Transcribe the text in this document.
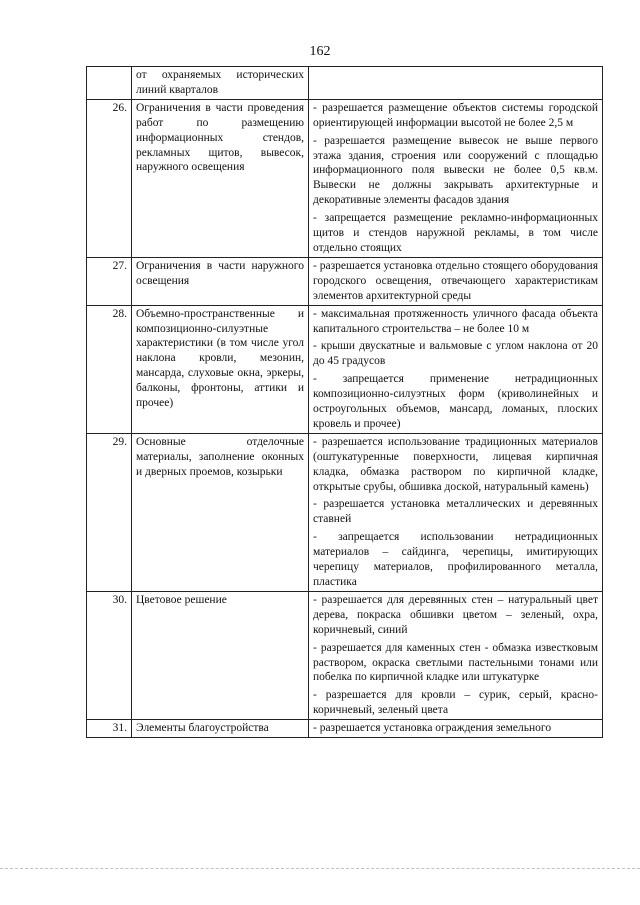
162

	от охраняемых исторических линий кварталов	

26.	Ограничения в части проведения работ по размещению информационных стендов, рекламных щитов, вывесок, наружного освещения	- разрешается размещение объектов системы городской ориентирующей информации высотой не более 2,5 м

- разрешается размещение вывесок не выше первого этажа здания, строения или сооружений с площадью информационного поля вывески не более 0,5 кв.м. Вывески не должны закрывать архитектурные и декоративные элементы фасадов здания

- запрещается размещение рекламно-информационных щитов и стендов наружной рекламы, в том числе отдельно стоящих

27.	Ограничения в части наружного освещения	- разрешается установка отдельно стоящего оборудования городского освещения, отвечающего характеристикам элементов архитектурной среды

28.	Объемно-пространственные и композиционно-силуэтные характеристики (в том числе угол наклона кровли, мезонин, мансарда, слуховые окна, эркеры, балконы, фронтоны, аттики и прочее)	- максимальная протяженность уличного фасада объекта капитального строительства – не более 10 м

- крыши двускатные и вальмовые с углом наклона от 20 до 45 градусов

- запрещается применение нетрадиционных композиционно-силуэтных форм (криволинейных и остроугольных объемов, мансард, ломаных, плоских кровель и прочее)

29.	Основные отделочные материалы, заполнение оконных и дверных проемов, козырьки	- разрешается использование традиционных материалов (оштукатуренные поверхности, лицевая кирпичная кладка, обмазка раствором по кирпичной кладке, открытые срубы, обшивка доской, натуральный камень)

- разрешается установка металлических и деревянных ставней

- запрещается использовании нетрадиционных материалов – сайдинга, черепицы, имитирующих черепицу материалов, профилированного металла, пластика

30.	Цветовое решение	- разрешается для деревянных стен – натуральный цвет дерева, покраска обшивки цветом – зеленый, охра, коричневый, синий

- разрешается для каменных стен - обмазка известковым раствором, окраска светлыми пастельными тонами или побелка по кирпичной кладке или штукатурке

- разрешается для кровли – сурик, серый, красно-коричневый, зеленый цвета

31.	Элементы благоустройства	- разрешается установка ограждения земельного
